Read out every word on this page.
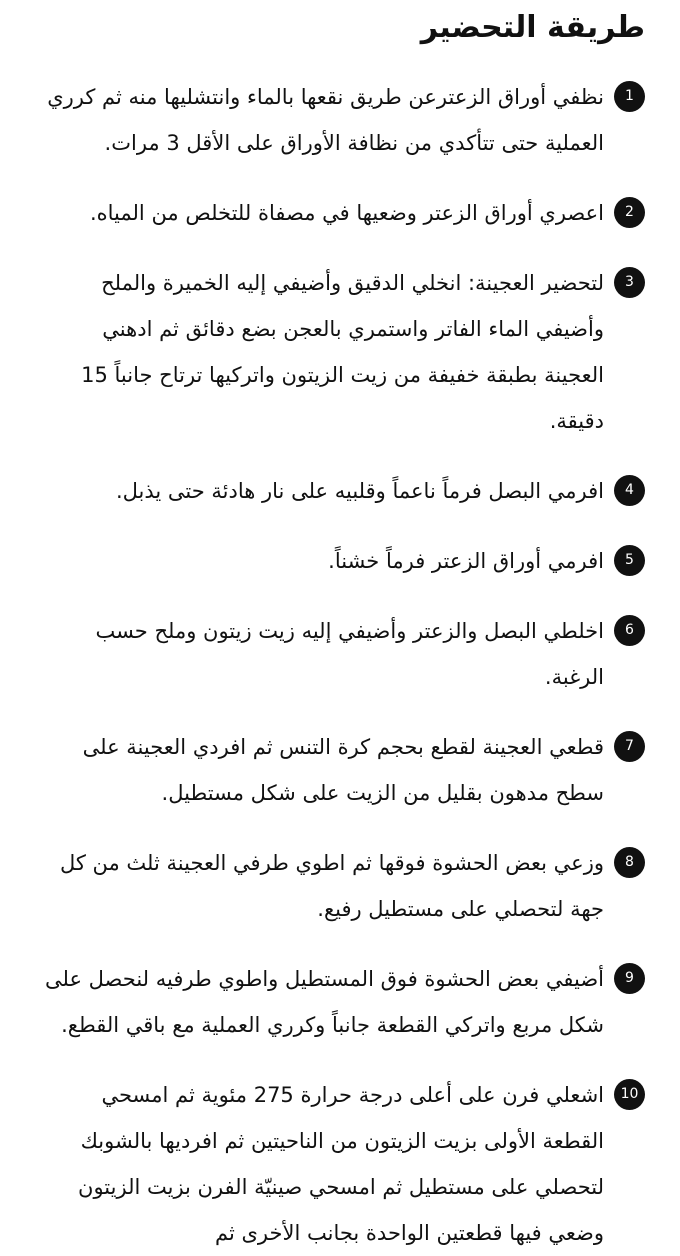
طريقة التحضير
1

نظفي أوراق الزعترعن طريق نقعها بالماء وانتشليها منه ثم كرري العملية حتى تتأكدي من نظافة الأوراق على الأقل 3 مرات.

2

اعصري أوراق الزعتر وضعيها في مصفاة للتخلص من المياه.

3

لتحضير العجينة: انخلي الدقيق وأضيفي إليه الخميرة والملح وأضيفي الماء الفاتر واستمري بالعجن بضع دقائق ثم ادهني العجينة بطبقة خفيفة من زيت الزيتون واتركيها ترتاح جانباً 15 دقيقة.

4

افرمي البصل فرماً ناعماً وقلبيه على نار هادئة حتى يذبل.

5

افرمي أوراق الزعتر فرماً خشناً.

6

اخلطي البصل والزعتر وأضيفي إليه زيت زيتون وملح حسب الرغبة.

7

قطعي العجينة لقطع بحجم كرة التنس ثم افردي العجينة على سطح مدهون بقليل من الزيت على شكل مستطيل.

8

وزعي بعض الحشوة فوقها ثم اطوي طرفي العجينة ثلث من كل جهة لتحصلي على مستطيل رفيع.

9

أضيفي بعض الحشوة فوق المستطيل واطوي طرفيه لنحصل على شكل مربع واتركي القطعة جانباً وكرري العملية مع باقي القطع.

10

اشعلي فرن على أعلى درجة حرارة 275 مئوية ثم امسحي القطعة الأولى بزيت الزيتون من الناحيتين ثم افرديها بالشوبك لتحصلي على مستطيل ثم امسحي صينيّة الفرن بزيت الزيتون وضعي فيها قطعتين الواحدة بجانب الأخرى ثم
